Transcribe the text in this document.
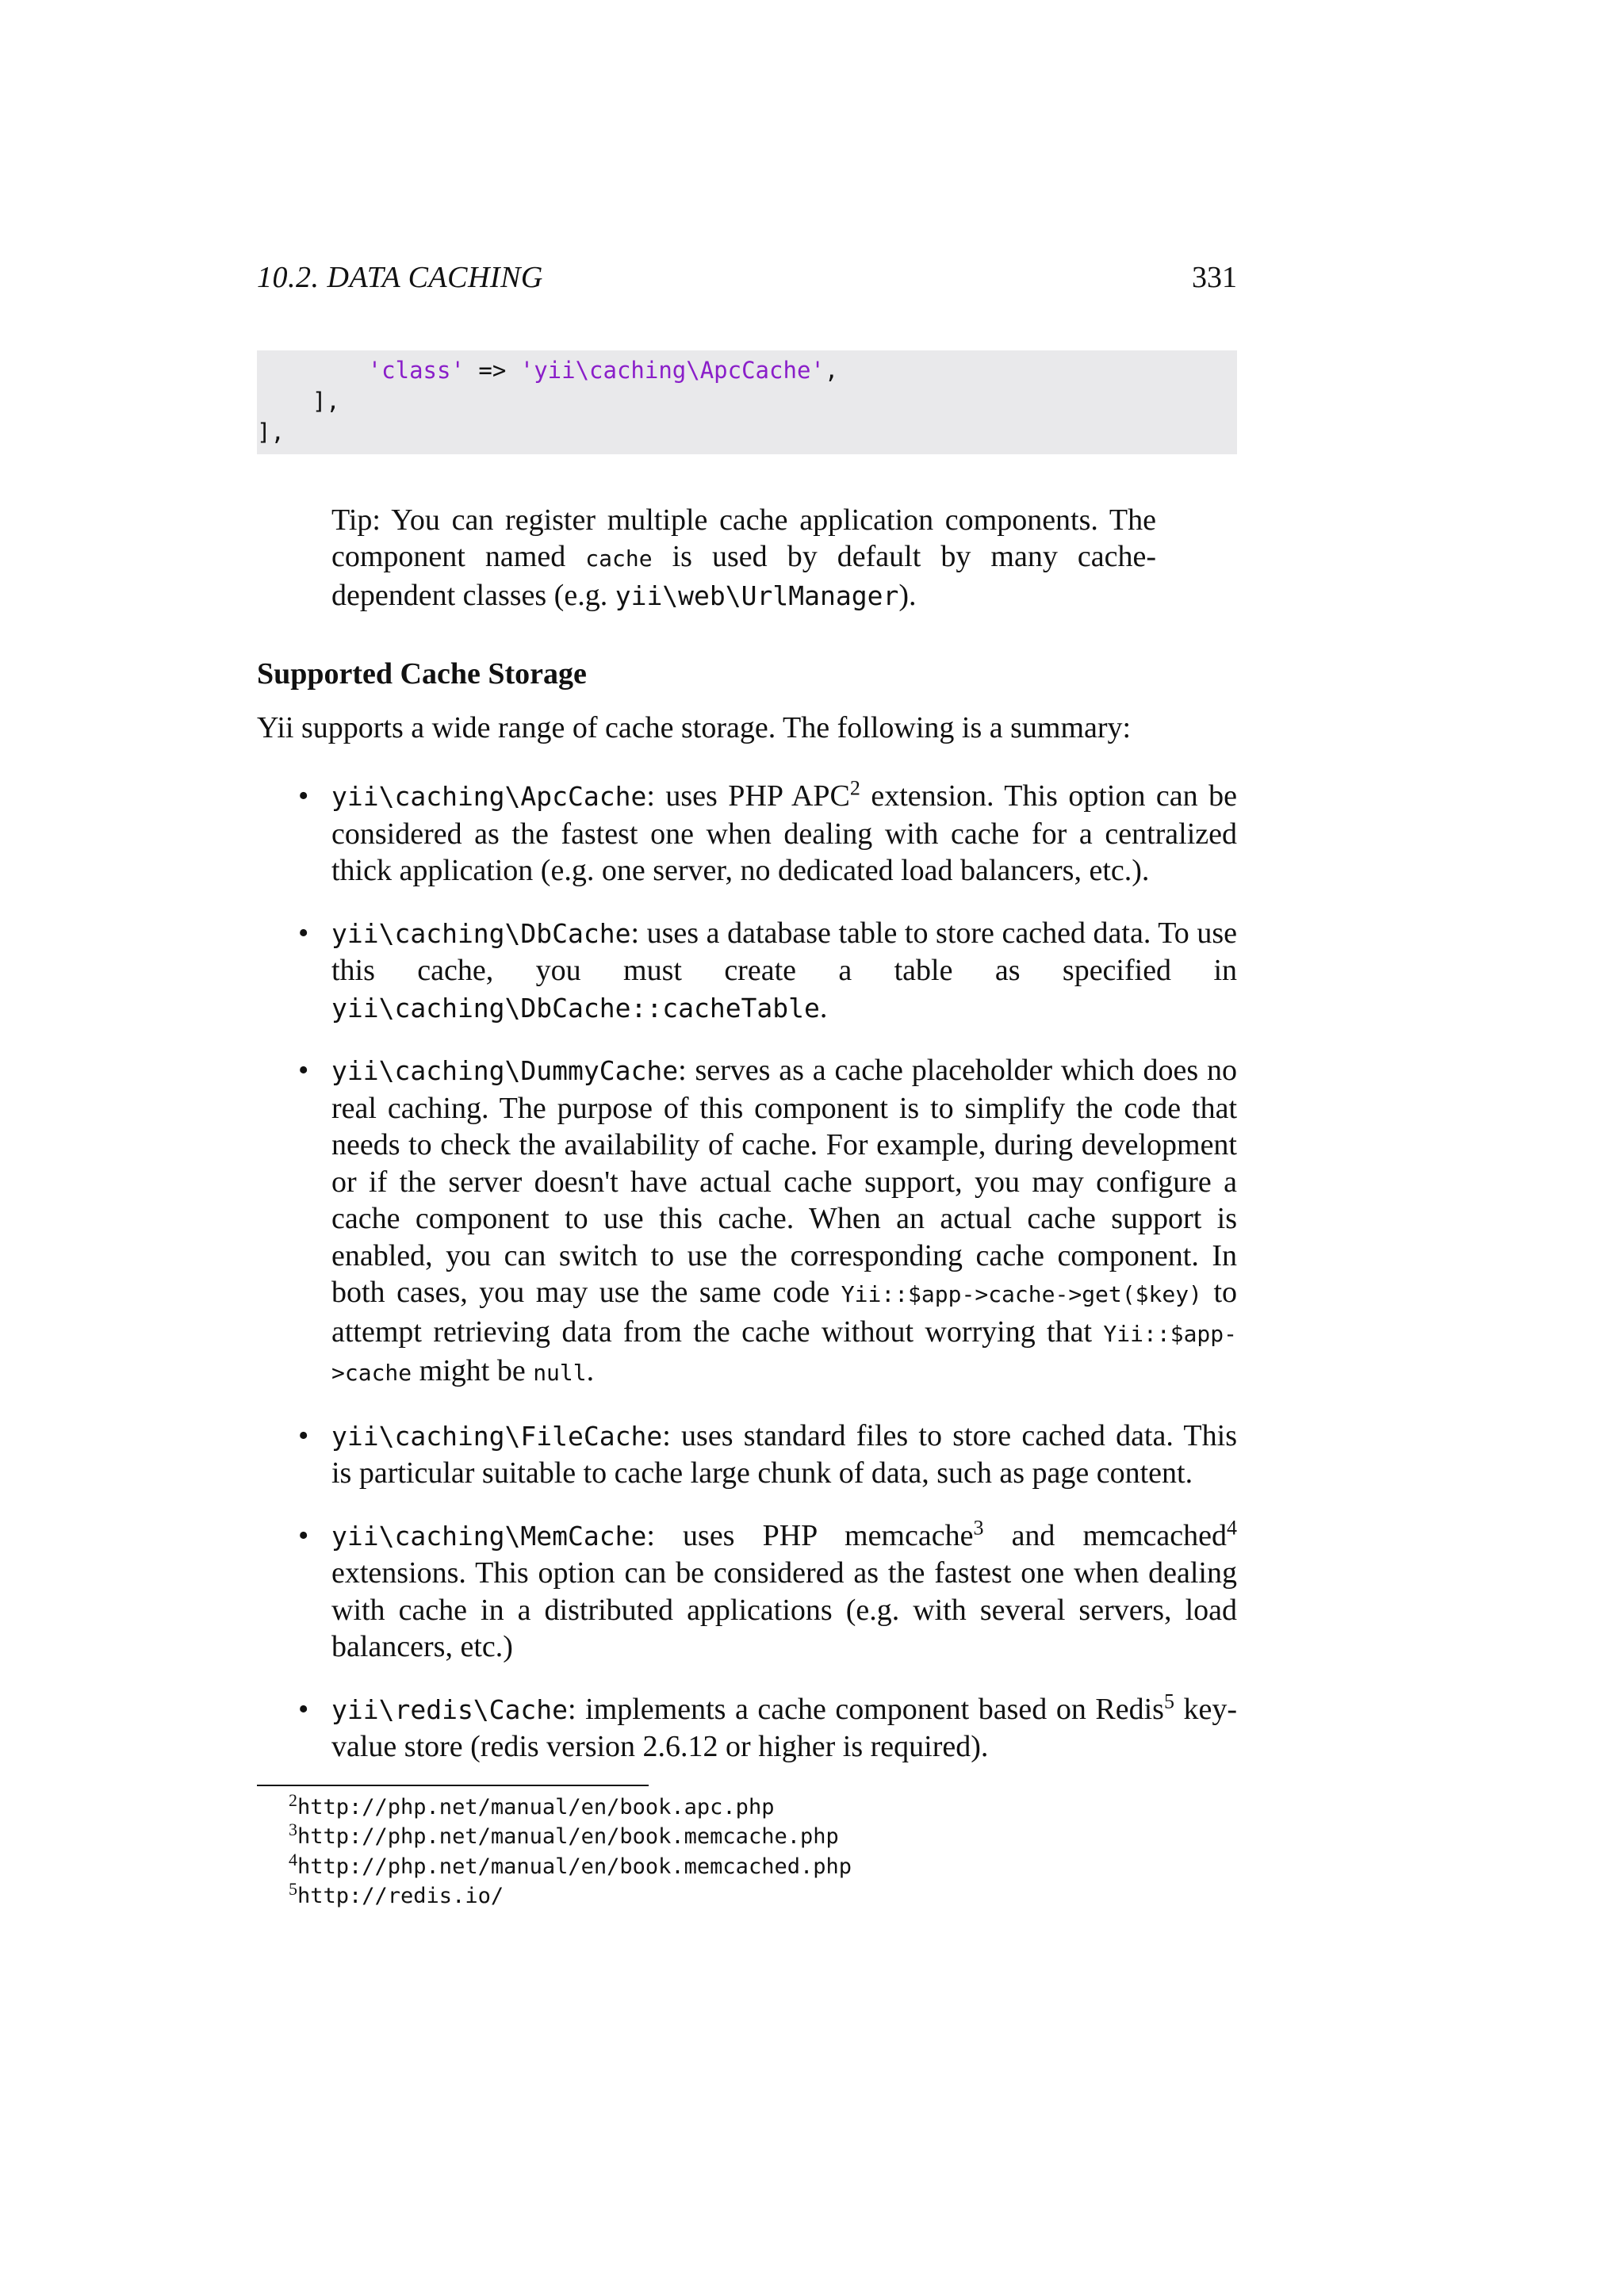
10.2. DATA CACHING	331
'class' => 'yii\caching\ApcCache',
],
],
Tip: You can register multiple cache application components. The component named cache is used by default by many cache-dependent classes (e.g. yii\web\UrlManager).
Supported Cache Storage
Yii supports a wide range of cache storage. The following is a summary:
• yii\caching\ApcCache: uses PHP APC$^2$ extension. This option can be considered as the fastest one when dealing with cache for a centralized thick application (e.g. one server, no dedicated load balancers, etc.).
• yii\caching\DbCache: uses a database table to store cached data. To use this cache, you must create a table as specified in yii\caching\DbCache::cacheTable.
• yii\caching\DummyCache: serves as a cache placeholder which does no real caching. The purpose of this component is to simplify the code that needs to check the availability of cache. For example, during development or if the server doesn't have actual cache support, you may configure a cache component to use this cache. When an actual cache support is enabled, you can switch to use the corresponding cache component. In both cases, you may use the same code Yii::$app->cache->get($key) to attempt retrieving data from the cache without worrying that Yii::$app->cache might be null.
• yii\caching\FileCache: uses standard files to store cached data. This is particular suitable to cache large chunk of data, such as page content.
• yii\caching\MemCache: uses PHP memcache$^3$ and memcached$^4$ extensions. This option can be considered as the fastest one when dealing with cache in a distributed applications (e.g. with several servers, load balancers, etc.)
• yii\redis\Cache: implements a cache component based on Redis$^5$ key-value store (redis version 2.6.12 or higher is required).
$^2$http://php.net/manual/en/book.apc.php
$^3$http://php.net/manual/en/book.memcache.php
$^4$http://php.net/manual/en/book.memcached.php
$^5$http://redis.io/
